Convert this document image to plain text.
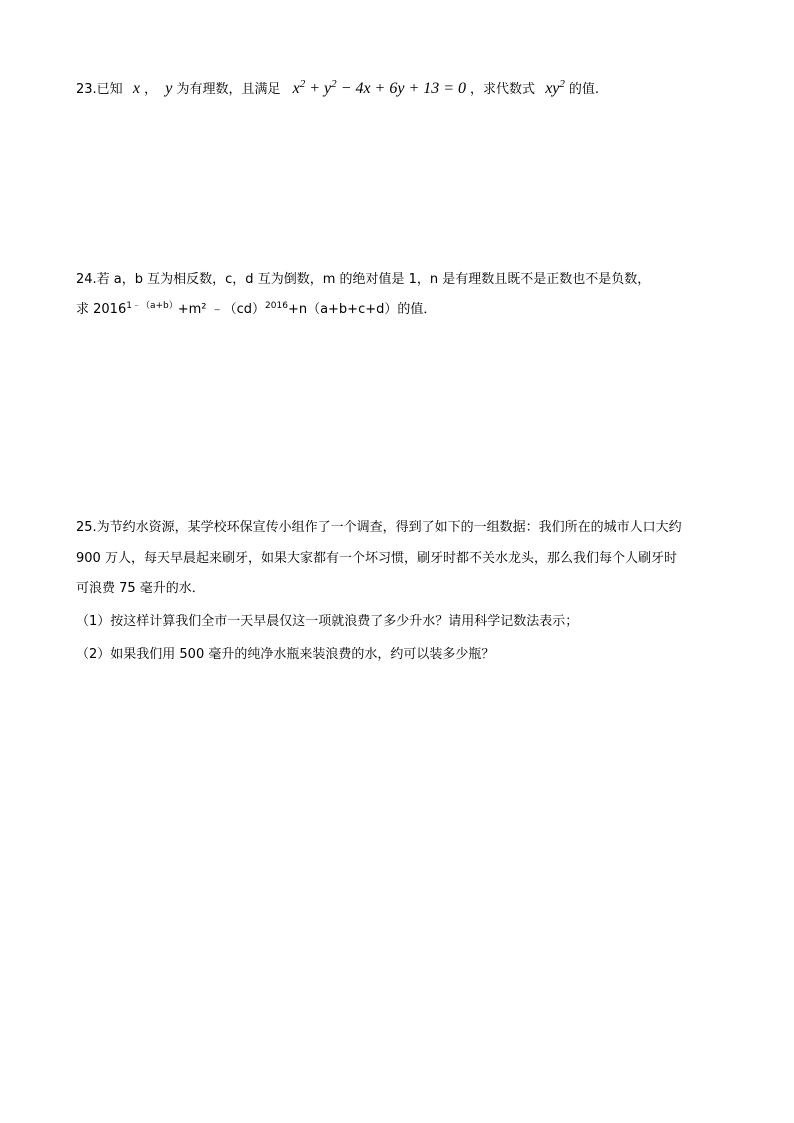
23.已知 x ， y 为有理数，且满足 $x^2 + y^2 - 4x + 6y + 13 = 0$ ，求代数式 $xy^2$ 的值.
24.若 a，b 互为相反数，c，d 互为倒数，m 的绝对值是 1，n 是有理数且既不是正数也不是负数，
求 $2016^{1﹣(a+b)}+m^2$ ﹣（cd）$^{2016}$+n（a+b+c+d）的值．
25.为节约水资源，某学校环保宣传小组作了一个调查，得到了如下的一组数据：我们所在的城市人口大约
900 万人，每天早晨起来刷牙，如果大家都有一个坏习惯，刷牙时都不关水龙头，那么我们每个人刷牙时
可浪费 75 毫升的水．
（1）按这样计算我们全市一天早晨仅这一项就浪费了多少升水？请用科学记数法表示；
（2）如果我们用 500 毫升的纯净水瓶来装浪费的水，约可以装多少瓶？
